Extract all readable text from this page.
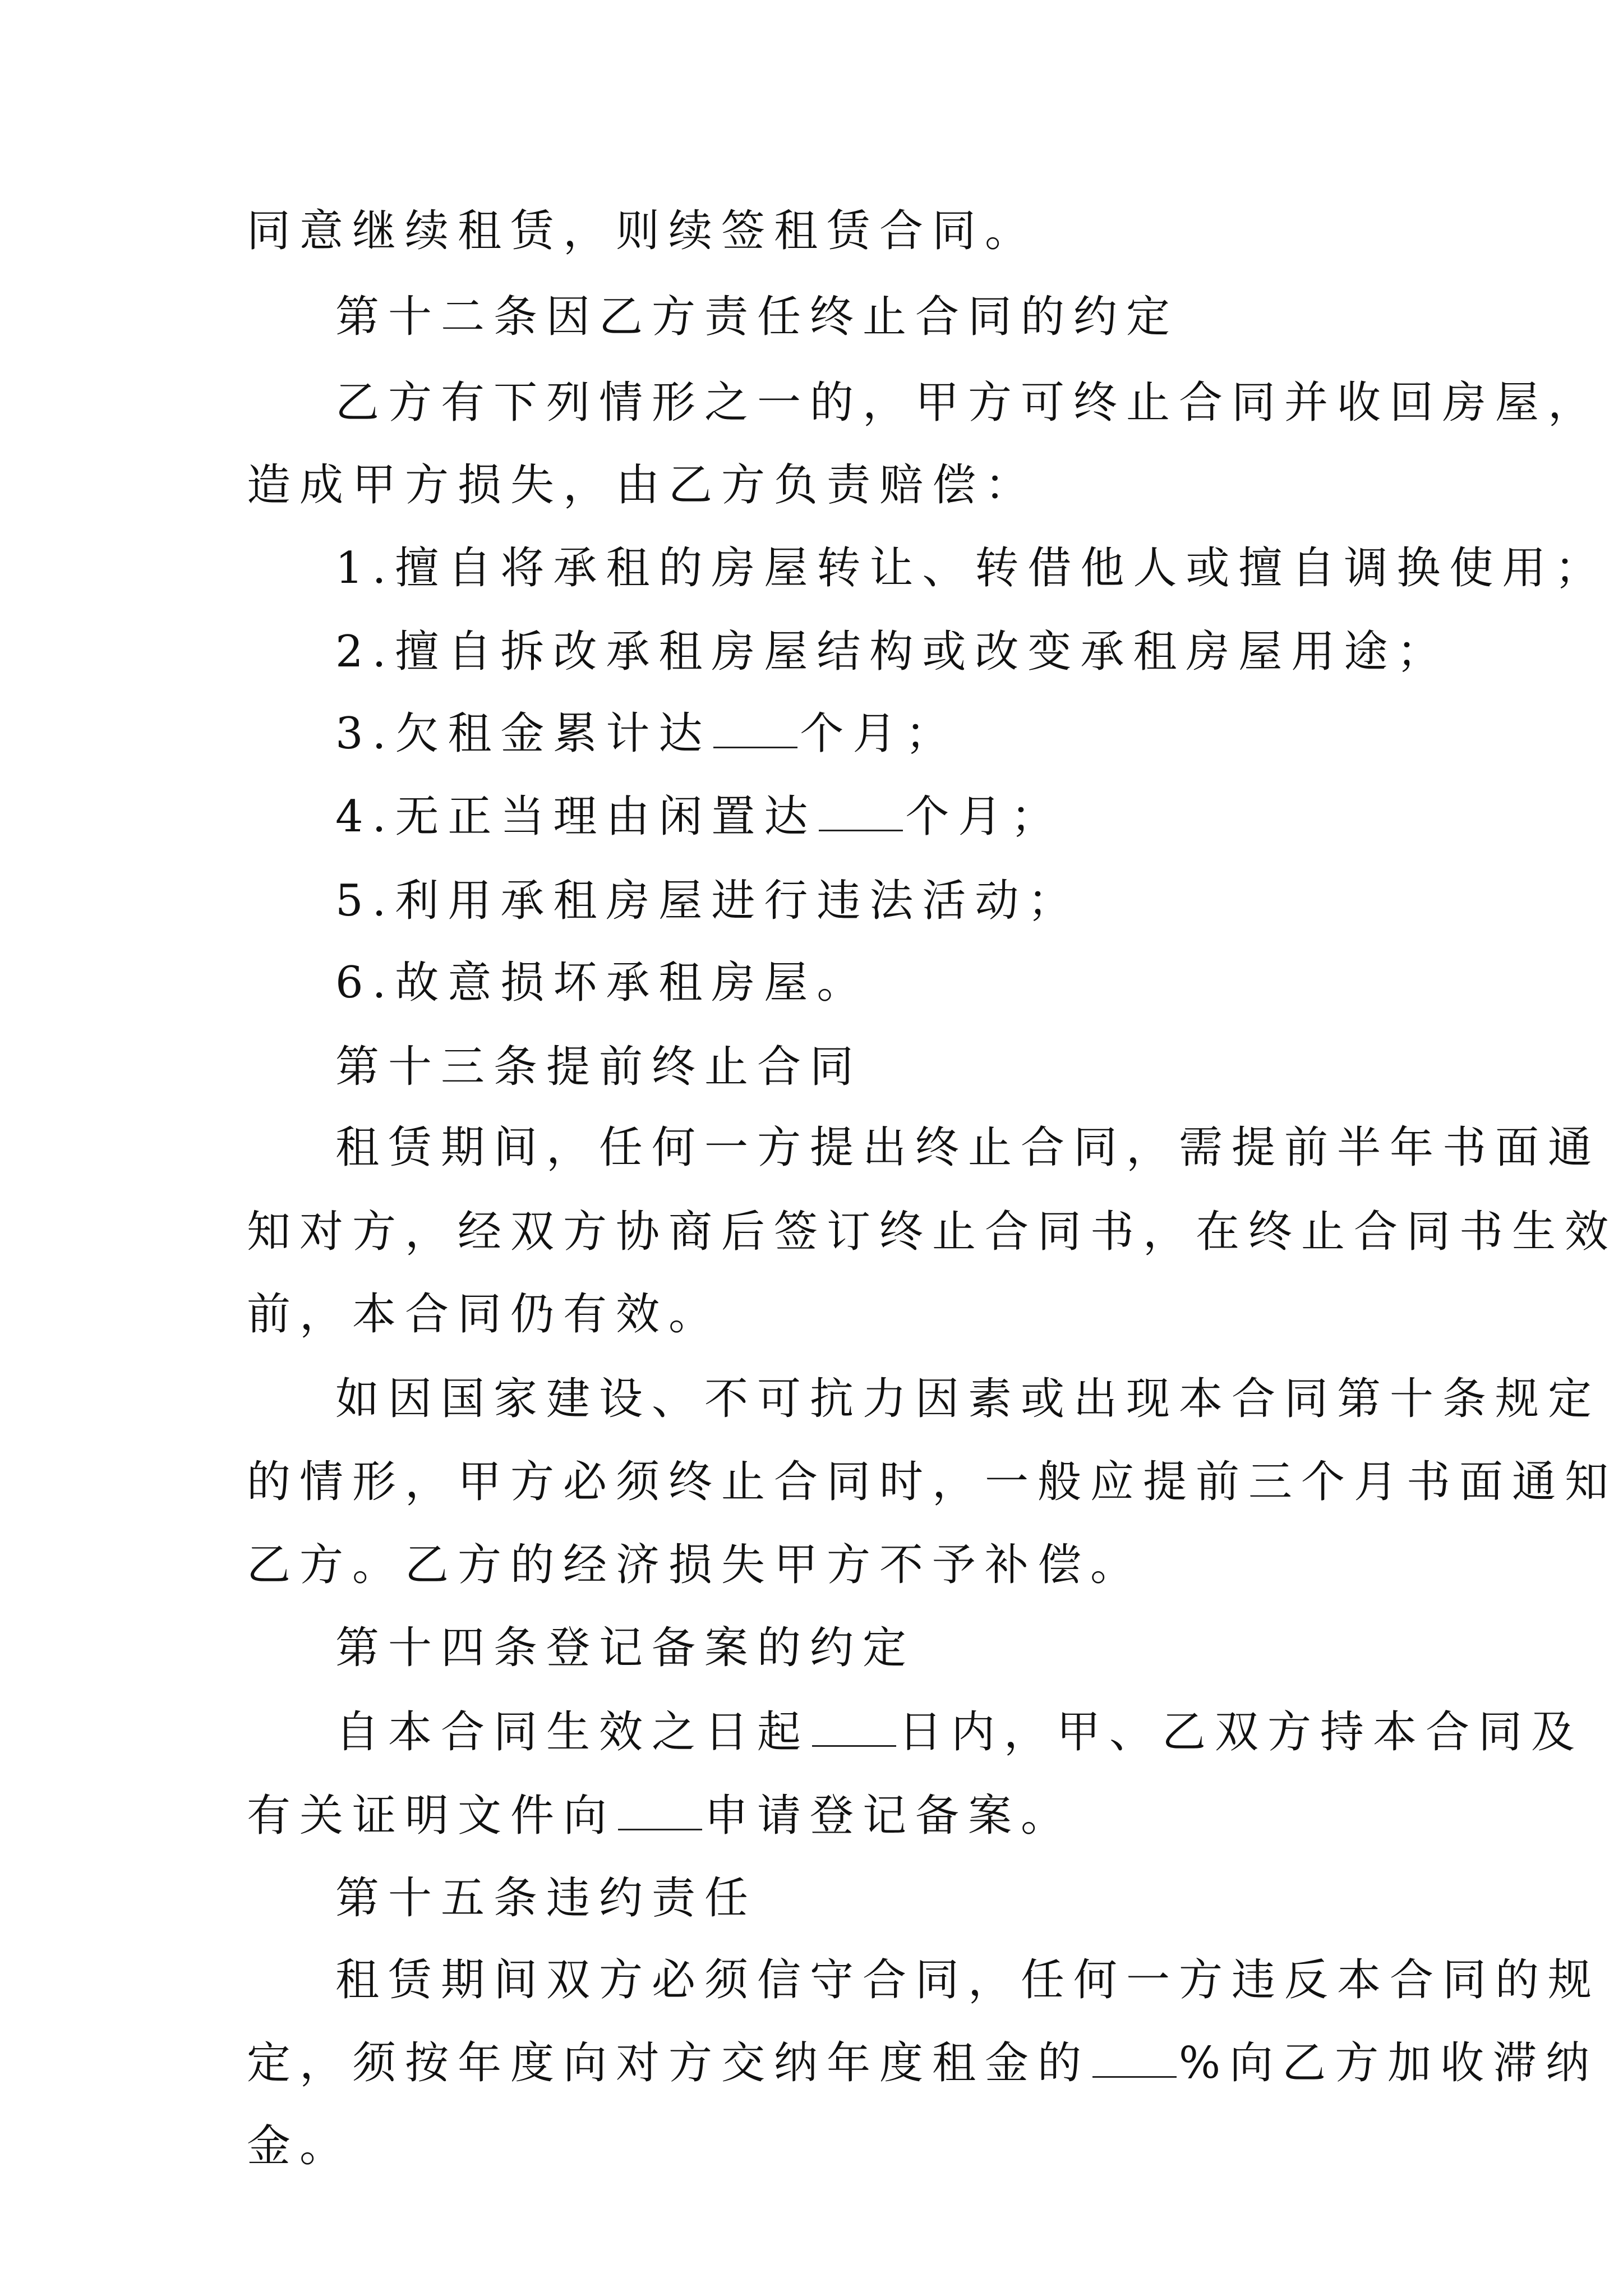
同意继续租赁，则续签租赁合同。
第十二条因乙方责任终止合同的约定
乙方有下列情形之一的，甲方可终止合同并收回房屋，
造成甲方损失，由乙方负责赔偿：
1.擅自将承租的房屋转让、转借他人或擅自调换使用；
2.擅自拆改承租房屋结构或改变承租房屋用途；
3.欠租金累计达 个月；
4.无正当理由闲置达 个月；
5.利用承租房屋进行违法活动；
6.故意损坏承租房屋。
第十三条提前终止合同
租赁期间，任何一方提出终止合同，需提前半年书面通
知对方，经双方协商后签订终止合同书，在终止合同书生效
前，本合同仍有效。
如因国家建设、不可抗力因素或出现本合同第十条规定
的情形，甲方必须终止合同时，一般应提前三个月书面通知
乙方。乙方的经济损失甲方不予补偿。
第十四条登记备案的约定
自本合同生效之日起 日内，甲、乙双方持本合同及
有关证明文件向 申请登记备案。
第十五条违约责任
租赁期间双方必须信守合同，任何一方违反本合同的规
定，须按年度向对方交纳年度租金的 %向乙方加收滞纳
金。
